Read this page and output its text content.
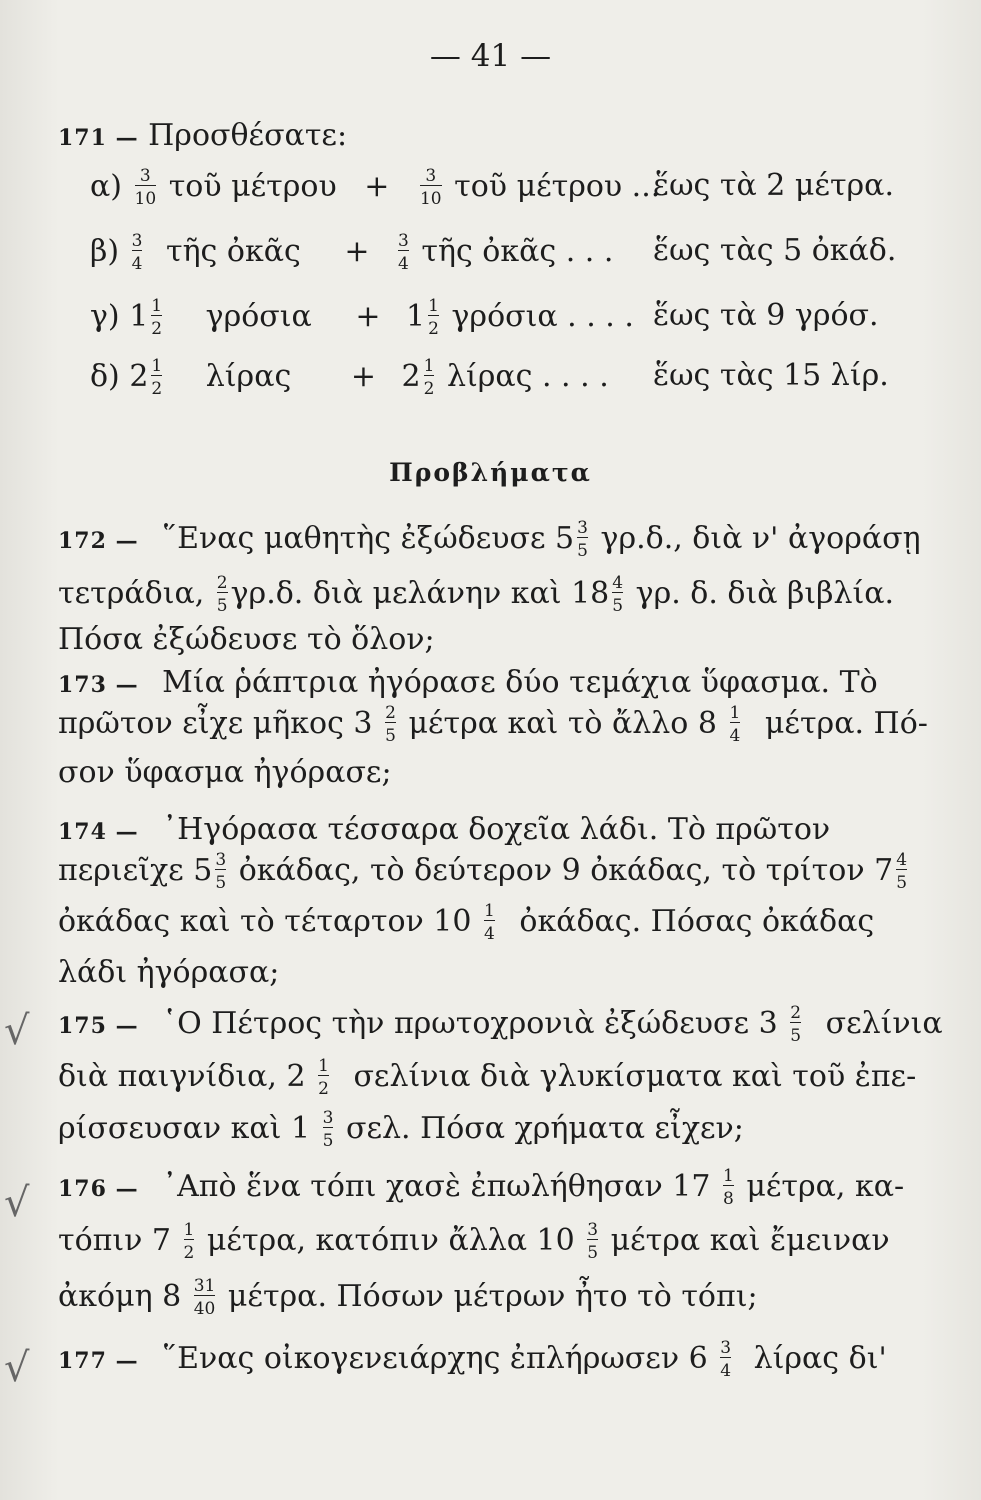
— 41 —
171 — Προσθέσατε:
$\alpha) \frac{3}{10}$ τοῦ $\mu έ\tau\rho o\upsilon + \frac{3}{10}$ τοῦ μέτρου ...
ἕως τὰ 2 μέτρα.
$\beta) \frac{3}{4}$ τῆς ὀκᾶς + $\frac{3}{4}$ τῆς ὀκᾶς . . . ἕως τὰς 5 ὀκάδ.
γ) $1 \frac{1}{2}$ $\gamma\rho ό\sigma\iota\alpha + 1 \frac{1}{2}$ γρόσια . . . . ἕως τὰ 9 γρόσ.
δ) $2 \frac{1}{2}$ $\lambda ί\rho\alpha\varsigma + 2 \frac{1}{2}$ λίρας . . . . ἕως τὰς 15 λίρ.
Προβλήματα
172 — ῞Ενας μαθητὴς ἐξώδευσε $5 \frac{3}{5} \gamma\rho.\delta$., διὰ ν' ἀγοράσῃ
τετράδια, $\frac{2}{5} \gamma\rho.\delta$. διὰ μελάνην καὶ $18 \frac{4}{5} \gamma\rho$. δ. διὰ βιβλία.
Πόσα ἐξώδευσε τὸ ὅλον;
173 — Μία ῥάπτρια ἠγόρασε δύο τεμάχια ὕφασμα. Τὸ
πρῶτον εἶχε μῆκος $3 \frac{2}{5}$ μέτρα καὶ τὸ ἄλλο $8 \frac{1}{4} \mu έ\tau\rho\alpha$. Πό-
σον ὕφασμα ἠγόρασε;
174 — ᾿Ηγόρασα τέσσαρα δοχεῖα λάδι. Τὸ πρῶτον
περιεῖχε $5 \frac{3}{5}$ ὀκάδας, τὸ δεύτερον 9 ὀκάδας, τὸ τρίτον $7 \frac{4}{5}$
ὀκάδας καὶ τὸ τέταρτον $10 \frac{1}{4}$ ὀκάδας. Πόσας ὀκάδας
λάδι ἠγόρασα;
175 — ῾Ο Πέτρος τὴν πρωτοχρονιὰ ἐξώδευσε $3 \frac{2}{5}$ σελίνια
διὰ παιγνίδια, $2 \frac{1}{2}$ σελίνια διὰ γλυκίσματα καὶ τοῦ ἐπε-
ρίσσευσαν καὶ $1 \frac{3}{5} \sigma\varepsilon\lambda$. Πόσα χρήματα εἶχεν;
176 — ᾿Απὸ ἕνα τόπι χασὲ ἐπωλήθησαν $17 \frac{1}{8} \mu έ\tau\rho\alpha$, κα-
τόπιν $7 \frac{1}{2} \mu έ\tau\rho\alpha$, κατόπιν ἄλλα $10 \frac{3}{5}$ μέτρα καὶ ἔμειναν
ἀκόμη $8 \frac{31}{40} \mu έ\tau\rho\alpha$. Πόσων μέτρων ἦτο τὸ τόπι;
177 — ῞Ενας οἰκογενειάρχης ἐπλήρωσεν $6 \frac{3}{4}$ λίρας δι'
√
√
√
